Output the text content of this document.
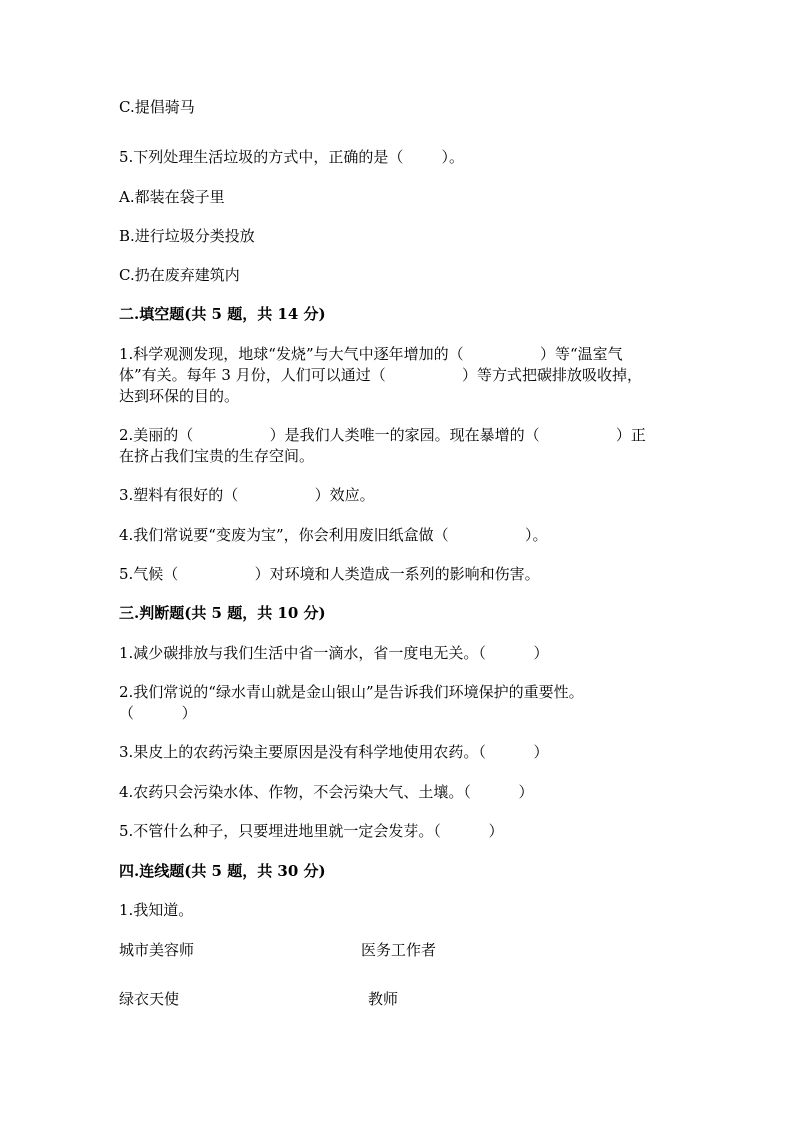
C.提倡骑马
5.下列处理生活垃圾的方式中，正确的是（        ）。
A.都装在袋子里
B.进行垃圾分类投放
C.扔在废弃建筑内
二.填空题(共 5 题，共 14 分)
1.科学观测发现，地球“发烧”与大气中逐年增加的（                ）等“温室气
体”有关。每年 3 月份，人们可以通过（                ）等方式把碳排放吸收掉，
达到环保的目的。
2.美丽的（                ）是我们人类唯一的家园。现在暴增的（                ）正
在挤占我们宝贵的生存空间。
3.塑料有很好的（                ）效应。
4.我们常说要“变废为宝”，你会利用废旧纸盒做（                ）。
5.气候（                ）对环境和人类造成一系列的影响和伤害。
三.判断题(共 5 题，共 10 分)
1.减少碳排放与我们生活中省一滴水，省一度电无关。（          ）
2.我们常说的“绿水青山就是金山银山”是告诉我们环境保护的重要性。
（          ）
3.果皮上的农药污染主要原因是没有科学地使用农药。（          ）
4.农药只会污染水体、作物，不会污染大气、土壤。（          ）
5.不管什么种子，只要埋进地里就一定会发芽。（          ）
四.连线题(共 5 题，共 30 分)
1.我知道。
城市美容师	医务工作者
绿衣天使	教师
